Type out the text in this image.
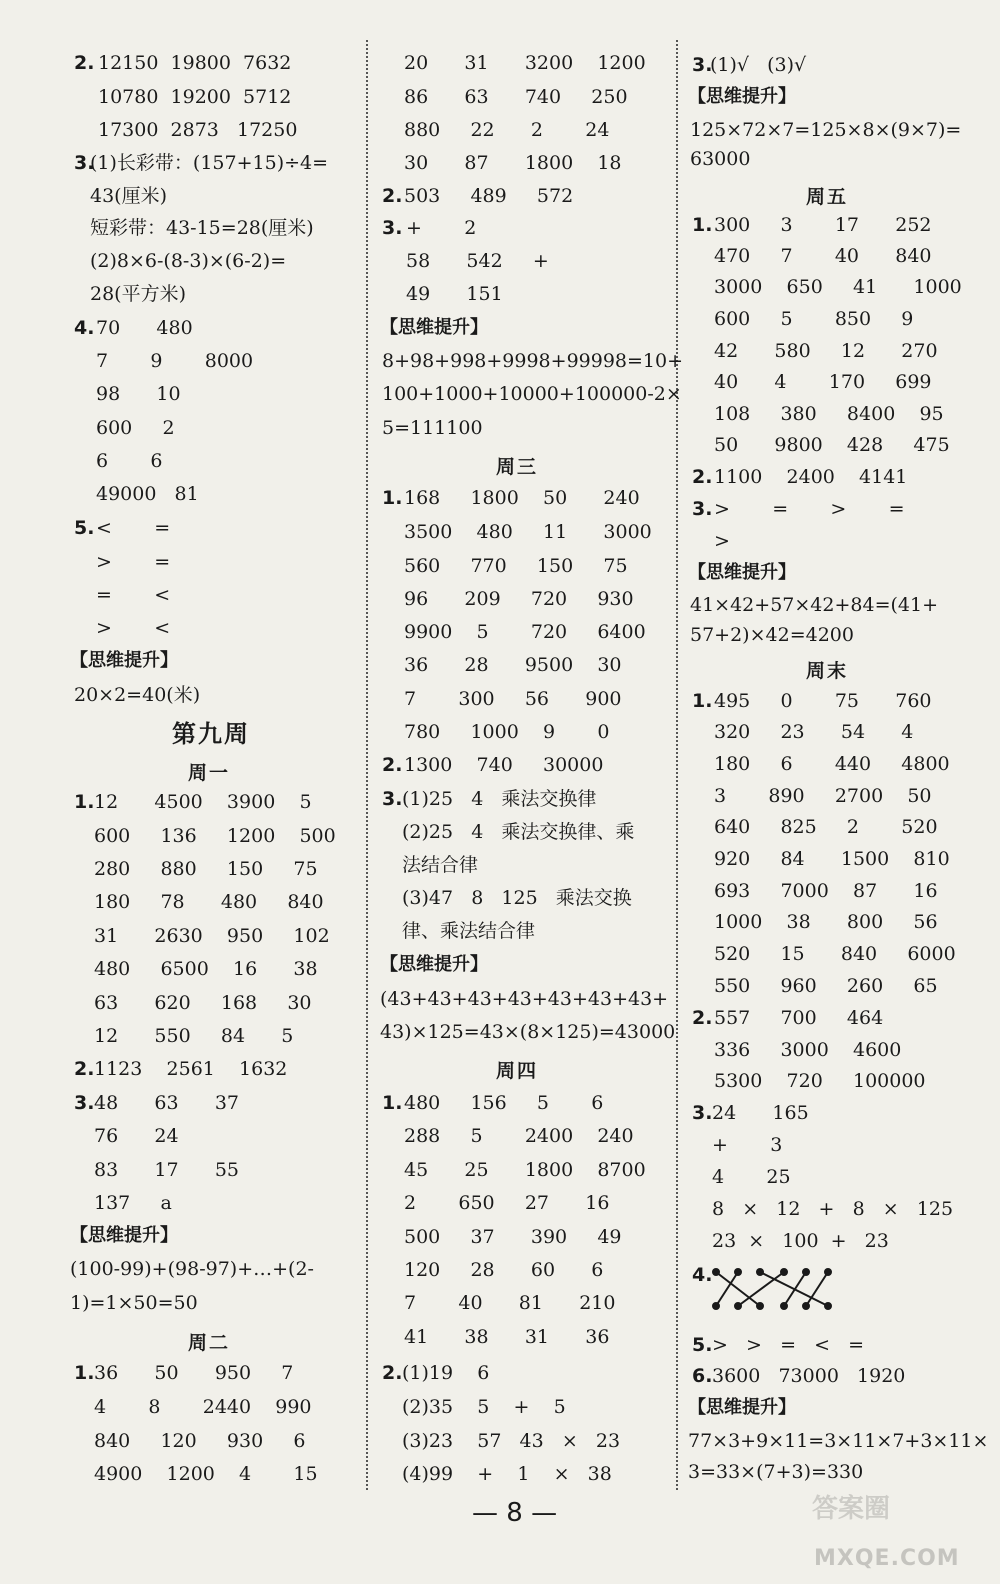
2. 12150  19800  7632
10780  19200  5712
17300  2873   17250
3.
(1)长彩带：(157+15)÷4=
43(厘米)
短彩带：43-15=28(厘米)
(2)8×6-(8-3)×(6-2)=
28(平方米)
4. 70      480
7       9       8000
98      10
600     2
6       6
49000   81
5. <       =
>       =
=       <
>       <
【思维提升】
20×2=40(米)
第九周
周一
1. 12      4500    3900    5
600     136     1200    500
280     880     150     75
180     78      480     840
31      2630    950     102
480     6500    16      38
63      620     168     30
12      550     84      5
2. 1123    2561    1632
3. 48      63      37
76      24
83      17      55
137     a
【思维提升】
(100-99)+(98-97)+…+(2-
1)=1×50=50
周二
1. 36      50      950     7
4       8       2440    990
840     120     930     6
4900    1200    4       15
20      31      3200    1200
86      63      740     250
880     22      2       24
30      87      1800    18
2. 503     489     572
3. +       2
58      542     +
49      151
【思维提升】
8+98+998+9998+99998=10+
100+1000+10000+100000-2×
5=111100
周三
1. 168     1800    50      240
3500    480     11      3000
560     770     150     75
96      209     720     930
9900    5       720     6400
36      28      9500    30
7       300     56      900
780     1000    9       0
2. 1300    740     30000
3. (1)25   4   乘法交换律
(2)25   4   乘法交换律、乘
法结合律
(3)47   8   125   乘法交换
律、乘法结合律
【思维提升】
(43+43+43+43+43+43+43+
43)×125=43×(8×125)=43000
周四
1. 480     156     5       6
288     5       2400    240
45      25      1800    8700
2       650     27      16
500     37      390     49
120     28      60      6
7       40      81      210
41      38      31      36
2. (1)19    6
(2)35    5    +    5
(3)23    57   43   ×   23
(4)99    +    1    ×   38
3.
(1)√   (3)√
【思维提升】
125×72×7=125×8×(9×7)=
63000
周五
1. 300     3       17      252
470     7       40      840
3000    650     41      1000
600     5       850     9
42      580     12      270
40      4       170     699
108     380     8400    95
50      9800    428     475
2. 1100    2400    4141
3. >       =       >       =
>
【思维提升】
41×42+57×42+84=(41+
57+2)×42=4200
周末
1. 495     0       75      760
320     23      54      4
180     6       440     4800
3       890     2700    50
640     825     2       520
920     84      1500    810
693     7000    87      16
1000    38      800     56
520     15      840     6000
550     960     260     65
2. 557     700     464
336     3000    4600
5300    720     100000
3. 24      165
+       3
4       25
8   ×   12   +   8   ×   125
23  ×   100  +   23
4.
5. >   >   =   <   =
6. 3600   73000   1920
【思维提升】
77×3+9×11=3×11×7+3×11×
3=33×(7+3)=330
— 8 —	答案圈
MXQE.COM
